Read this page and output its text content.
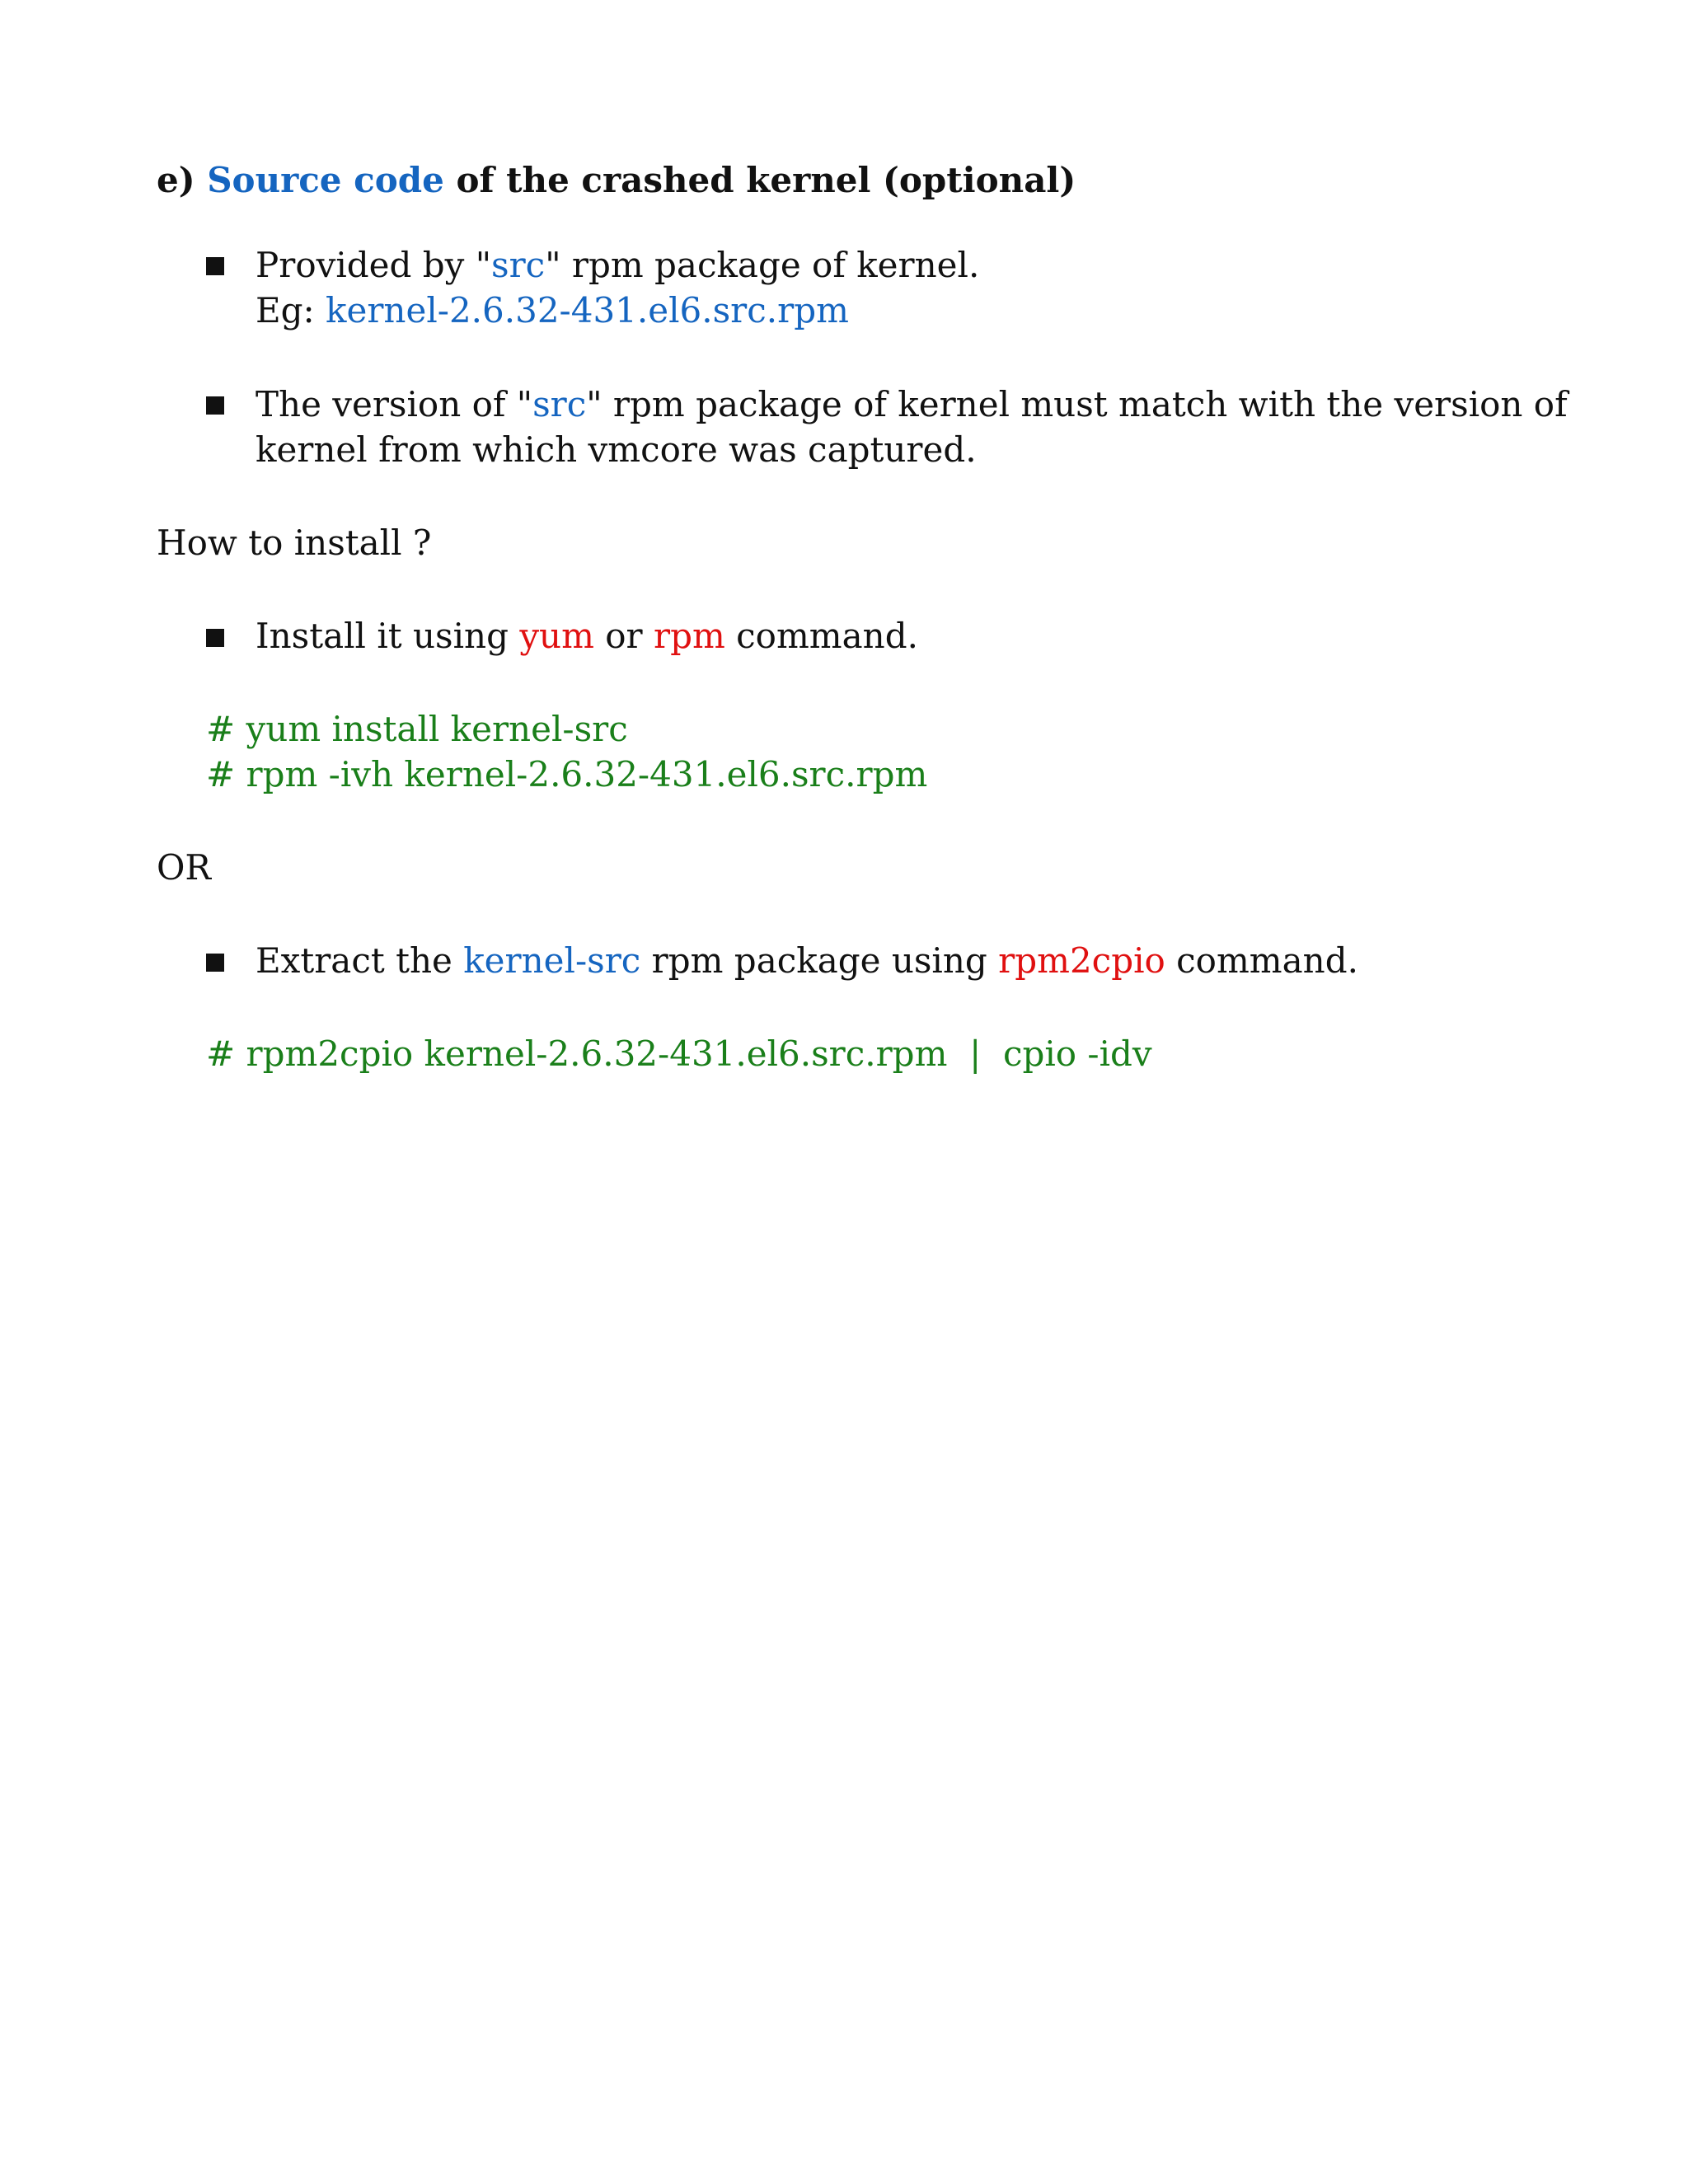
e) Source code of the crashed kernel (optional)
Provided by "src" rpm package of kernel.
Eg: kernel-2.6.32-431.el6.src.rpm
The version of "src" rpm package of kernel must match with the version of
kernel from which vmcore was captured.
How to install ?
Install it using yum or rpm command.
# yum install kernel-src
# rpm -ivh kernel-2.6.32-431.el6.src.rpm
OR
Extract the kernel-src rpm package using rpm2cpio command.
# rpm2cpio kernel-2.6.32-431.el6.src.rpm  |  cpio -idv
